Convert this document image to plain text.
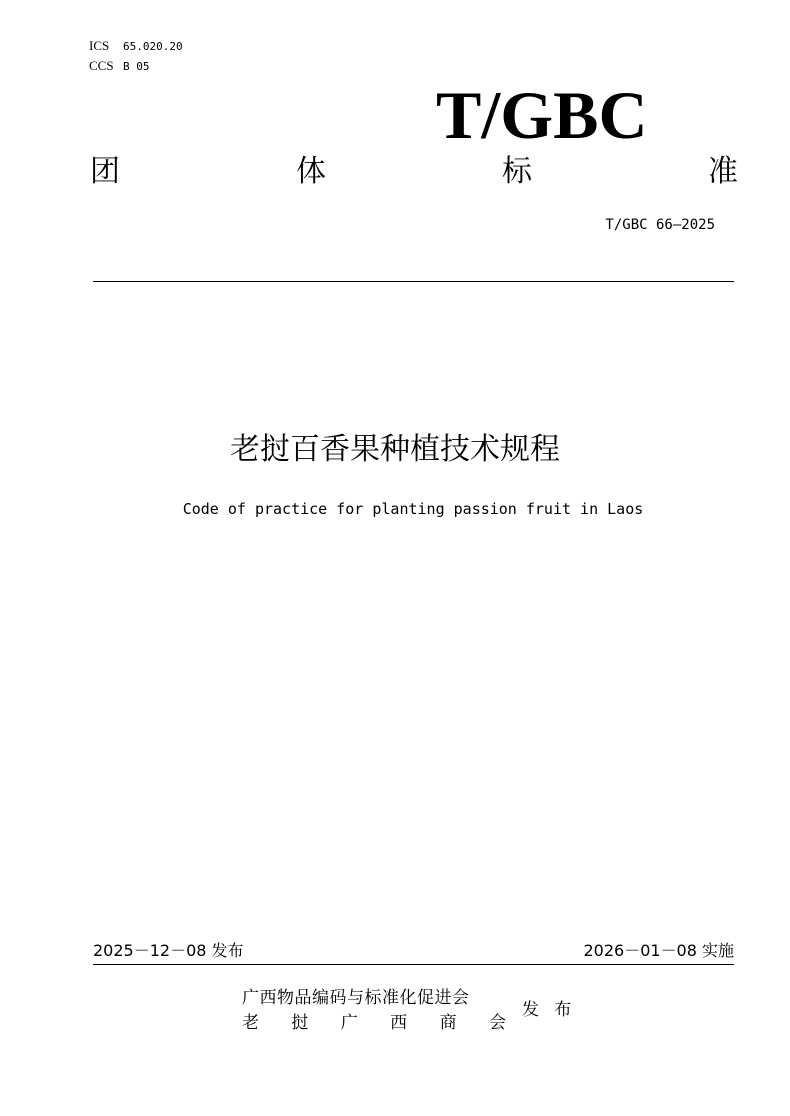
ICS 65.020.20
CCS B 05
T/GBC
团	体	标	准
T/GBC 66—2025
老挝百香果种植技术规程
Code of practice for planting passion fruit in Laos
2025－12－08 发布	2026－01－08 实施
广西物品编码与标准化促进会
老 挝 广 西 商 会
发 布
